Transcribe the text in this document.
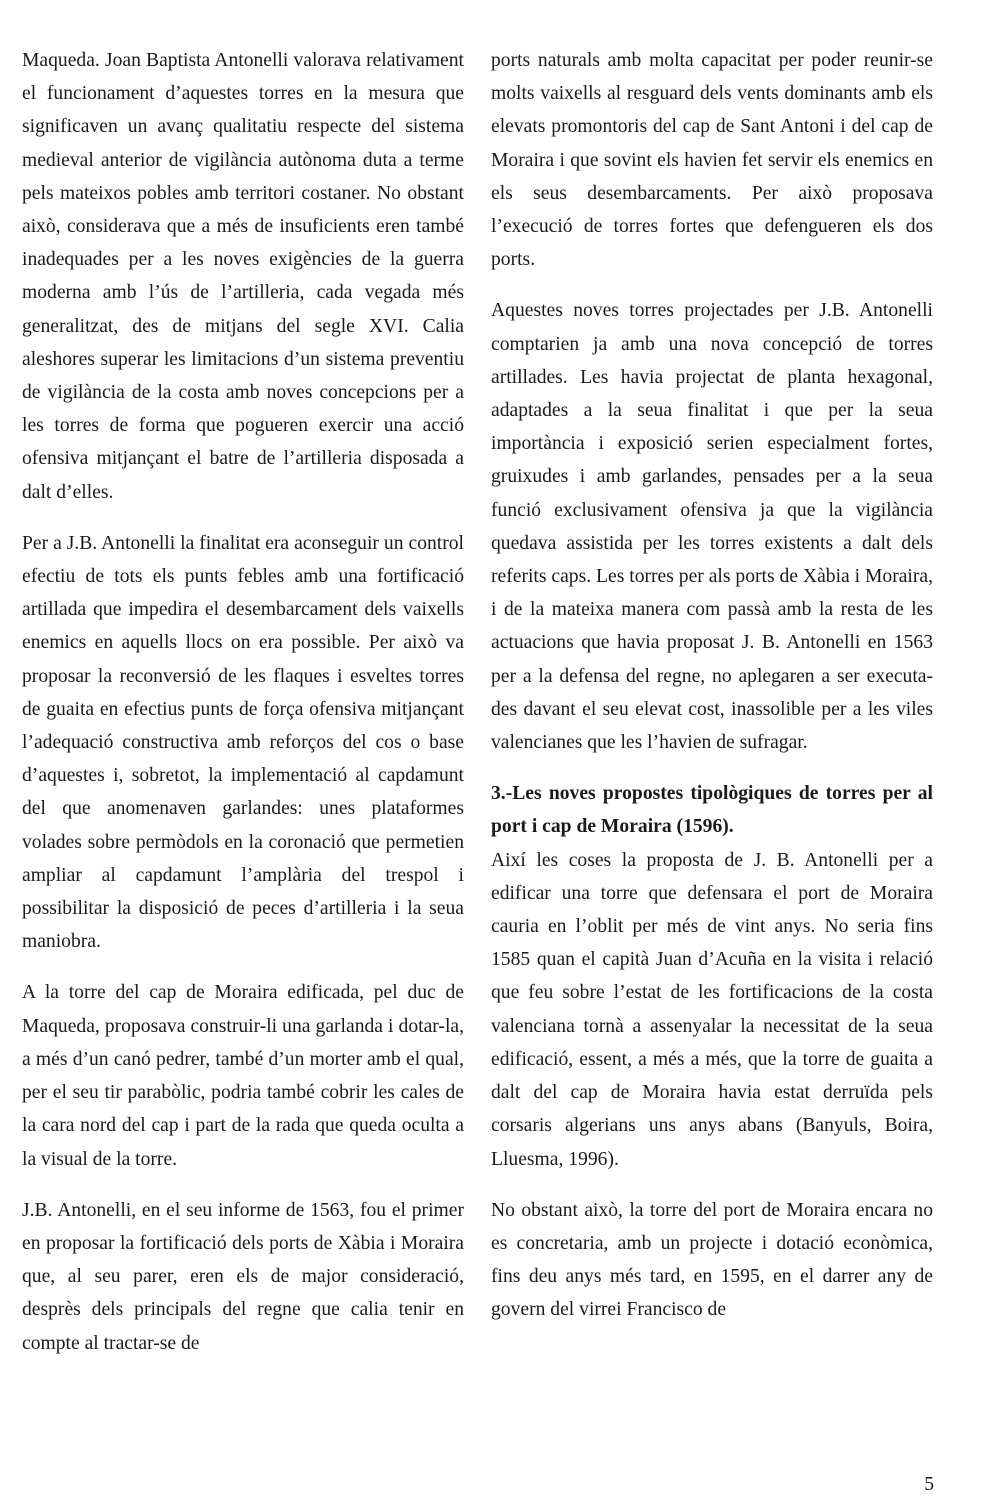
Maqueda. Joan Baptista Antonelli valorava relativament el funcionament d’aquestes torres en la mesura que significaven un avanç qualitatiu respecte del sistema medieval anterior de vigilància autònoma duta a terme pels mateixos pobles amb territori costaner. No obstant això, considerava que a més de insuficients eren també inadequades per a les noves exigències de la guerra moderna amb l’ús de l’artilleria, cada vegada més generalitzat, des de mitjans del segle XVI. Calia aleshores superar les limitacions d’un sistema preventiu de vigilància de la costa amb noves concepcions per a les torres de forma que pogueren exercir una acció ofensiva mitjançant el batre de l’artilleria disposada a dalt d’elles.

Per a J.B. Antonelli la finalitat era aconseguir un control efectiu de tots els punts febles amb una fortificació artillada que impedira el desembarcament dels vaixells enemics en aquells llocs on era possible. Per això va proposar la reconversió de les flaques i esveltes torres de guaita en efectius punts de força ofensiva mitjançant l’adequació constructiva amb reforços del cos o base d’aquestes i, sobretot, la implementació al capdamunt del que anomenaven garlandes: unes plataformes volades sobre permòdols en la coronació que permetien ampliar al capdamunt l’amplària del trespol i possibilitar la disposició de peces d’artilleria i la seua maniobra.

A la torre del cap de Moraira edificada, pel duc de Maqueda, proposava construir-li una garlanda i dotar-la, a més d’un canó pedrer, també d’un morter amb el qual, per el seu tir parabòlic, podria també cobrir les cales de la cara nord del cap i part de la rada que queda oculta a la visual de la torre.

J.B. Antonelli, en el seu informe de 1563, fou el primer en proposar la fortificació dels ports de Xàbia i Moraira que, al seu parer, eren els de major consideració, desprès dels principals del regne que calia tenir en compte al tractar-se de

ports naturals amb molta capacitat per poder reunir-se molts vaixells al resguard dels vents dominants amb els elevats promontoris del cap de Sant Antoni i del cap de Moraira i que sovint els havien fet servir els enemics en els seus desembarcaments. Per això proposava l’execució de torres fortes que defengueren els dos ports.

Aquestes noves torres projectades per J.B. Antonelli comptarien ja amb una nova concepció de torres artillades. Les havia projectat de planta hexagonal, adaptades a la seua finalitat i que per la seua importància i exposició serien especialment fortes, gruixudes i amb garlandes, pensades per a la seua funció exclusivament ofensiva ja que la vigilància quedava assistida per les torres existents a dalt dels referits caps. Les torres per als ports de Xàbia i Moraira, i de la mateixa manera com passà amb la resta de les actuacions que havia proposat J. B. Antonelli en 1563 per a la defensa del regne, no aplegaren a ser executades davant el seu elevat cost, inassolible per a les viles valencianes que les l’havien de sufragar.

3.-Les noves propostes tipològiques de torres per al port i cap de Moraira (1596).

Així les coses la proposta de J. B. Antonelli per a edificar una torre que defensara el port de Moraira cauria en l’oblit per més de vint anys. No seria fins 1585 quan el capità Juan d’Acuña en la visita i relació que feu sobre l’estat de les fortificacions de la costa valenciana tornà a assenyalar la necessitat de la seua edificació, essent, a més a més, que la torre de guaita a dalt del cap de Moraira havia estat derruïda pels corsaris algerians uns anys abans (Banyuls, Boira, Lluesma, 1996).

No obstant això, la torre del port de Moraira encara no es concretaria, amb un projecte i dotació econòmica, fins deu anys més tard, en 1595, en el darrer any de govern del virrei Francisco de

5
